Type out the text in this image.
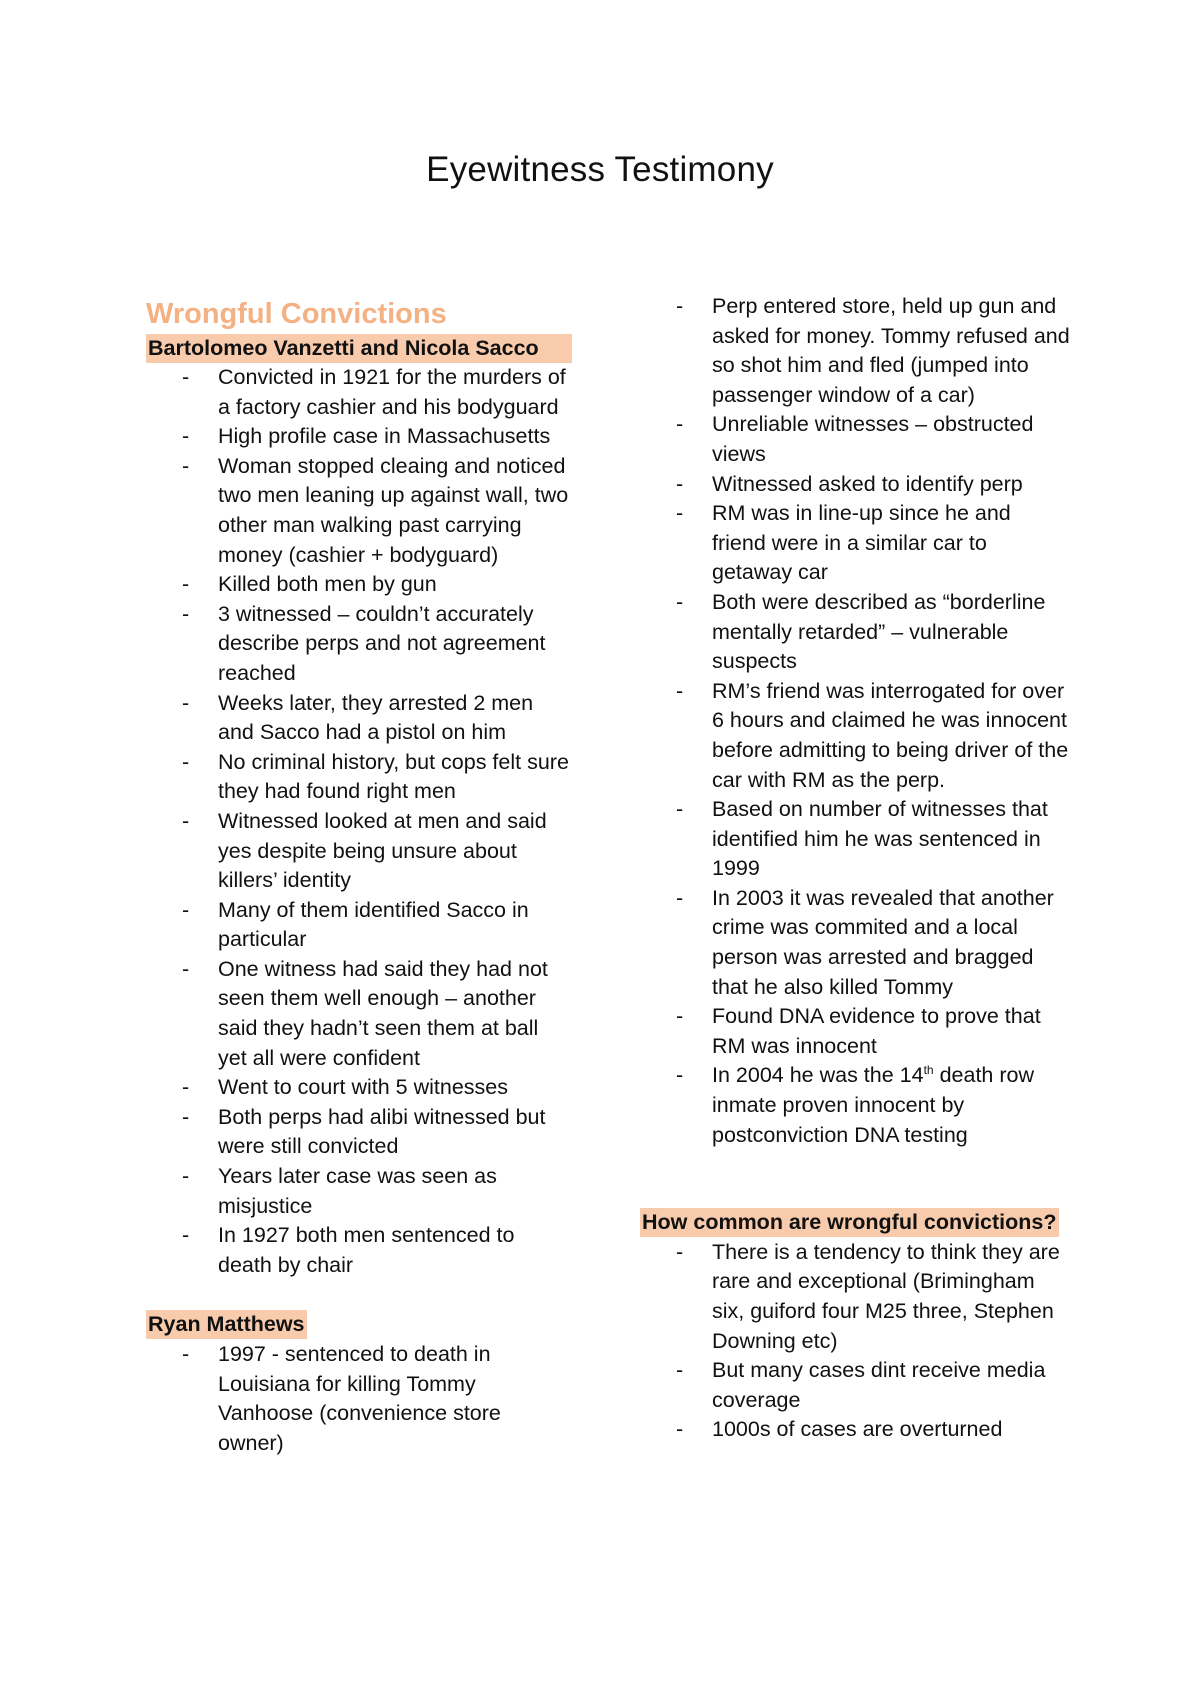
Eyewitness Testimony
Wrongful Convictions
Bartolomeo Vanzetti and Nicola Sacco
- Convicted in 1921 for the murders of a factory cashier and his bodyguard
- High profile case in Massachusetts
- Woman stopped cleaing and noticed two men leaning up against wall, two other man walking past carrying money (cashier + bodyguard)
- Killed both men by gun
- 3 witnessed – couldn’t accurately describe perps and not agreement reached
- Weeks later, they arrested 2 men and Sacco had a pistol on him
- No criminal history, but cops felt sure they had found right men
- Witnessed looked at men and said yes despite being unsure about killers’ identity
- Many of them identified Sacco in particular
- One witness had said they had not seen them well enough – another said they hadn’t seen them at ball yet all were confident
- Went to court with 5 witnesses
- Both perps had alibi witnessed but were still convicted
- Years later case was seen as misjustice
- In 1927 both men sentenced to death by chair
Ryan Matthews
- 1997 - sentenced to death in Louisiana for killing Tommy Vanhoose (convenience store owner)
- Perp entered store, held up gun and asked for money. Tommy refused and so shot him and fled (jumped into passenger window of a car)
- Unreliable witnesses – obstructed views
- Witnessed asked to identify perp
- RM was in line-up since he and friend were in a similar car to getaway car
- Both were described as “borderline mentally retarded” – vulnerable suspects
- RM’s friend was interrogated for over 6 hours and claimed he was innocent before admitting to being driver of the car with RM as the perp.
- Based on number of witnesses that identified him he was sentenced in 1999
- In 2003 it was revealed that another crime was commited and a local person was arrested and bragged that he also killed Tommy
- Found DNA evidence to prove that RM was innocent
- In 2004 he was the 14th death row inmate proven innocent by postconviction DNA testing
How common are wrongful convictions?
- There is a tendency to think they are rare and exceptional (Brimingham six, guiford four M25 three, Stephen Downing etc)
- But many cases dint receive media coverage
- 1000s of cases are overturned
